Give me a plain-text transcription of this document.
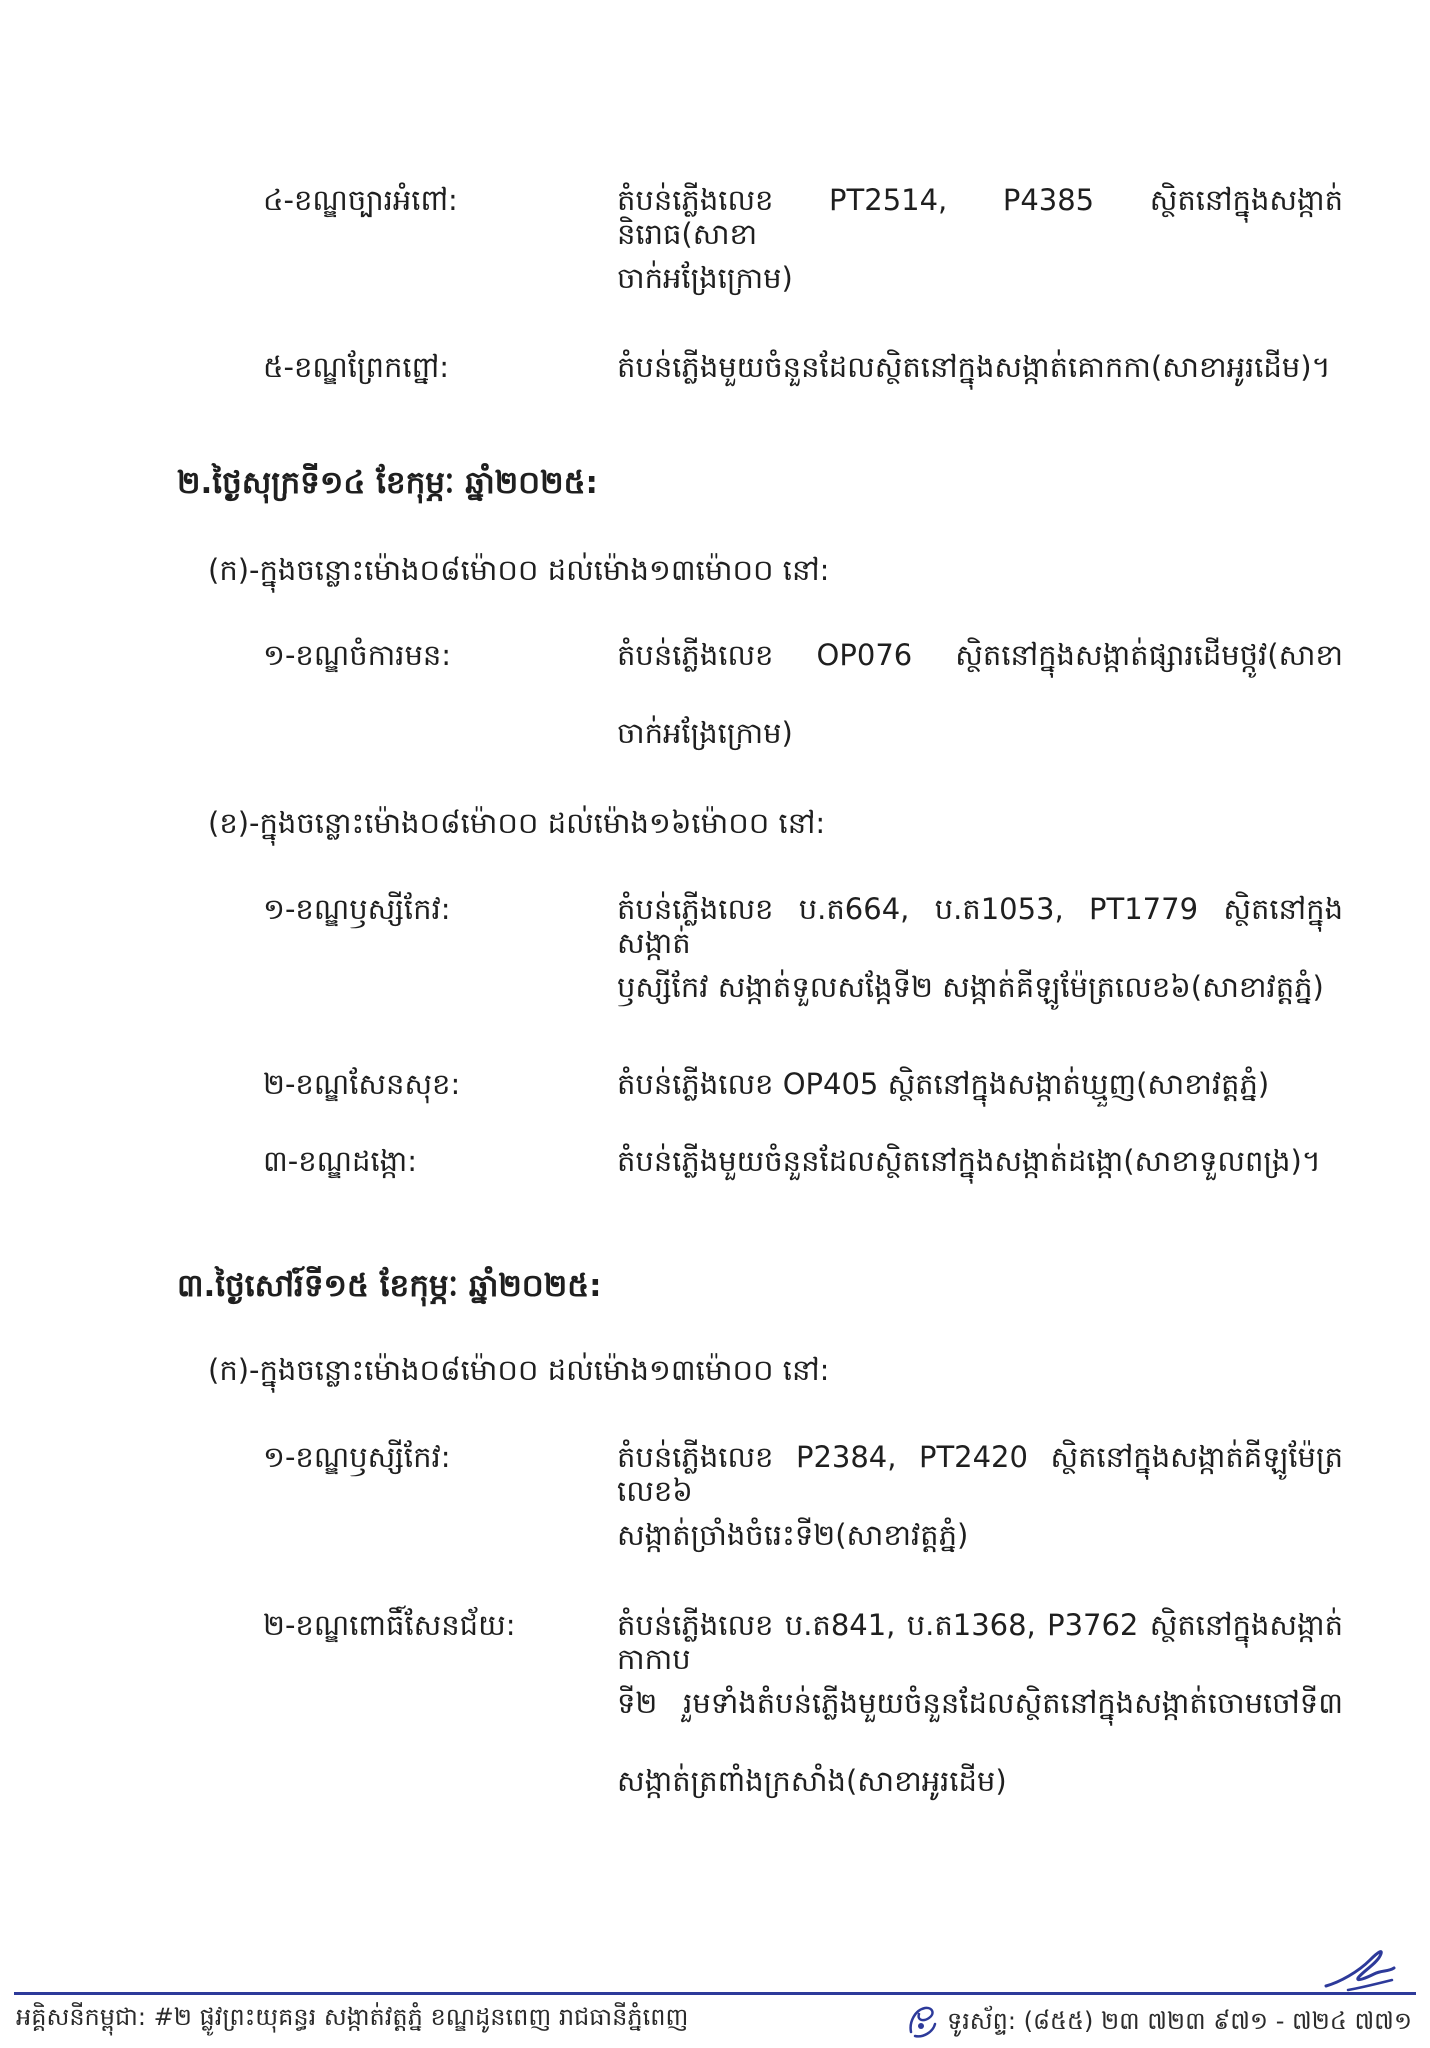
៤-ខណ្ឌច្បារអំពៅ:	តំបន់ភ្លើងលេខ PT2514, P4385 ស្ថិតនៅក្នុងសង្កាត់និរោធ(សាខា
ចាក់អង្រែក្រោម)
៥-ខណ្ឌព្រែកព្នៅ:	តំបន់ភ្លើងមួយចំនួនដែលស្ថិតនៅក្នុងសង្កាត់គោកកា(សាខាអូរដើម)។
២.ថ្ងៃសុក្រទី១៤ ខែកុម្ភៈ ឆ្នាំ២០២៥:
(ក)-ក្នុងចន្លោះម៉ោង០៨ម៉ោ០០ ដល់ម៉ោង១៣ម៉ោ០០ នៅ:
១-ខណ្ឌចំការមន:	តំបន់ភ្លើងលេខ OP076 ស្ថិតនៅក្នុងសង្កាត់ផ្សារដើមថ្កូវ(សាខា
ចាក់អង្រែក្រោម)
(ខ)-ក្នុងចន្លោះម៉ោង០៨ម៉ោ០០ ដល់ម៉ោង១៦ម៉ោ០០ នៅ:
១-ខណ្ឌឫស្សីកែវ:	តំបន់ភ្លើងលេខ ប.ត664, ប.ត1053, PT1779 ស្ថិតនៅក្នុងសង្កាត់
ឫស្សីកែវ សង្កាត់ទួលសង្កែទី២ សង្កាត់គីឡូម៉ែត្រលេខ៦(សាខាវត្តភ្នំ)
២-ខណ្ឌសែនសុខ:	តំបន់ភ្លើងលេខ OP405 ស្ថិតនៅក្នុងសង្កាត់ឃ្មួញ(សាខាវត្តភ្នំ)
៣-ខណ្ឌដង្កោ:	តំបន់ភ្លើងមួយចំនួនដែលស្ថិតនៅក្នុងសង្កាត់ដង្កោ(សាខាទួលពង្រ)។
៣.ថ្ងៃសៅរ៍ទី១៥ ខែកុម្ភៈ ឆ្នាំ២០២៥:
(ក)-ក្នុងចន្លោះម៉ោង០៨ម៉ោ០០ ដល់ម៉ោង១៣ម៉ោ០០ នៅ:
១-ខណ្ឌឫស្សីកែវ:	តំបន់ភ្លើងលេខ P2384, PT2420 ស្ថិតនៅក្នុងសង្កាត់គីឡូម៉ែត្រលេខ៦
សង្កាត់ច្រាំងចំរេះទី២(សាខាវត្តភ្នំ)
២-ខណ្ឌពោធិ៍សែនជ័យ:	តំបន់ភ្លើងលេខ ប.ត841, ប.ត1368, P3762 ស្ថិតនៅក្នុងសង្កាត់កាកាប
ទី២ រួមទាំងតំបន់ភ្លើងមួយចំនួនដែលស្ថិតនៅក្នុងសង្កាត់ចោមចៅទី៣
សង្កាត់ត្រពាំងក្រសាំង(សាខាអូរដើម)
អគ្គិសនីកម្ពុជា: #២ ផ្លូវព្រះយុគន្ធរ សង្កាត់វត្តភ្នំ ខណ្ឌដូនពេញ រាជធានីភ្នំពេញ	ទូរស័ព្ទ: (៨៥៥) ២៣ ៧២៣ ៩៧១ - ៧២៤ ៧៧១
